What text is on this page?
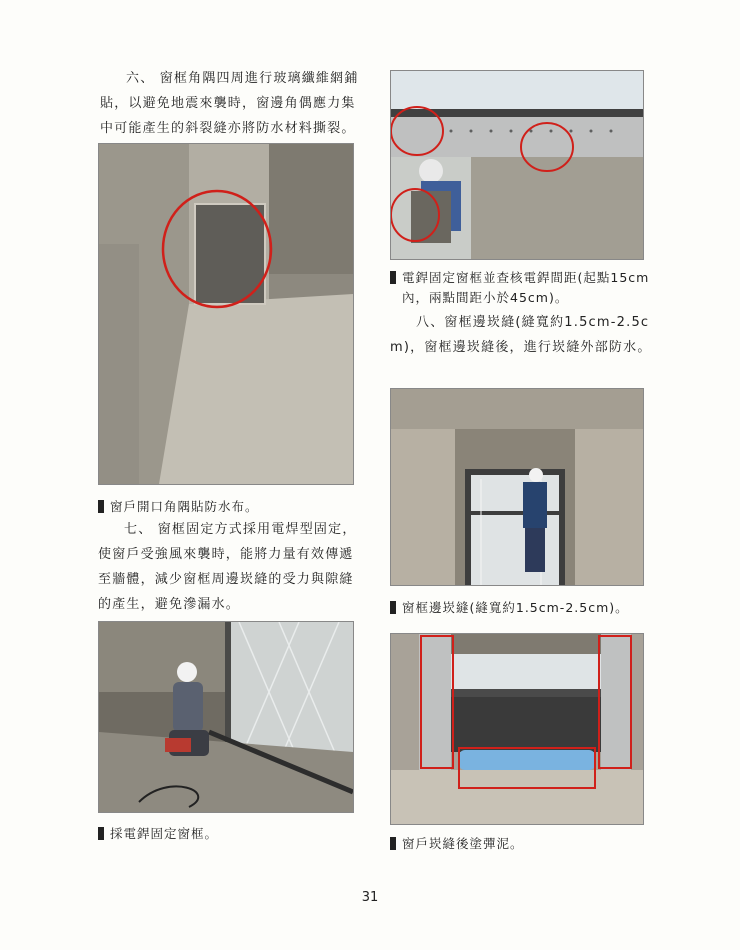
六、 窗框角隅四周進行玻璃纖維網鋪貼，以避免地震來襲時，窗邊角偶應力集中可能產生的斜裂縫亦將防水材料撕裂。

窗戶開口角隅貼防水布。

七、 窗框固定方式採用電焊型固定，使窗戶受強風來襲時，能將力量有效傳遞至牆體，減少窗框周邊崁縫的受力與隙縫的產生，避免滲漏水。

採電銲固定窗框。
電銲固定窗框並查核電銲間距(起點15cm內，兩點間距小於45cm)。

八、窗框邊崁縫(縫寬約1.5cm-2.5cm)，窗框邊崁縫後，進行崁縫外部防水。

窗框邊崁縫(縫寬約1.5cm-2.5cm)。
窗戶崁縫後塗彈泥。
31
